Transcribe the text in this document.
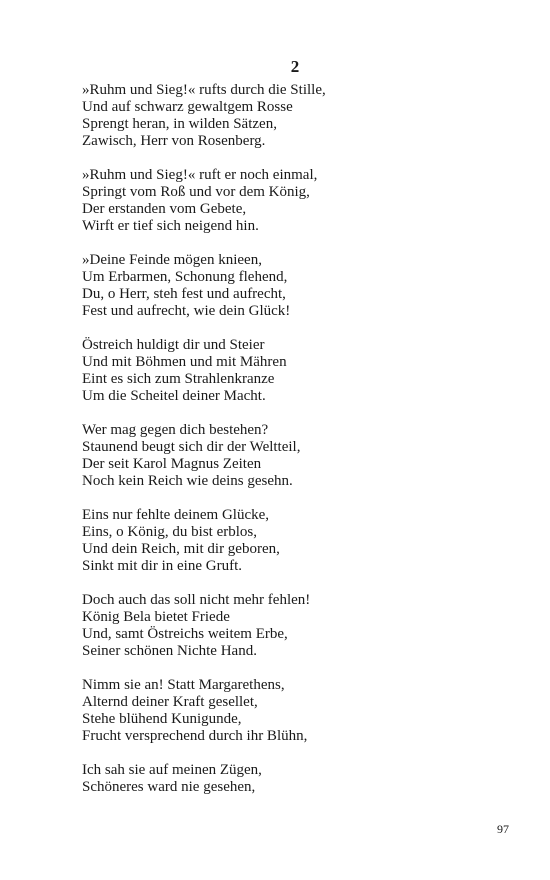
2
»Ruhm und Sieg!« rufts durch die Stille,
Und auf schwarz gewaltgem Rosse
Sprengt heran, in wilden Sätzen,
Zawisch, Herr von Rosenberg.
»Ruhm und Sieg!« ruft er noch einmal,
Springt vom Roß und vor dem König,
Der erstanden vom Gebete,
Wirft er tief sich neigend hin.
»Deine Feinde mögen knieen,
Um Erbarmen, Schonung flehend,
Du, o Herr, steh fest und aufrecht,
Fest und aufrecht, wie dein Glück!
Östreich huldigt dir und Steier
Und mit Böhmen und mit Mähren
Eint es sich zum Strahlenkranze
Um die Scheitel deiner Macht.
Wer mag gegen dich bestehen?
Staunend beugt sich dir der Weltteil,
Der seit Karol Magnus Zeiten
Noch kein Reich wie deins gesehn.
Eins nur fehlte deinem Glücke,
Eins, o König, du bist erblos,
Und dein Reich, mit dir geboren,
Sinkt mit dir in eine Gruft.
Doch auch das soll nicht mehr fehlen!
König Bela bietet Friede
Und, samt Östreichs weitem Erbe,
Seiner schönen Nichte Hand.
Nimm sie an! Statt Margarethens,
Alternd deiner Kraft gesellet,
Stehe blühend Kunigunde,
Frucht versprechend durch ihr Blühn,
Ich sah sie auf meinen Zügen,
Schöneres ward nie gesehen,
97
